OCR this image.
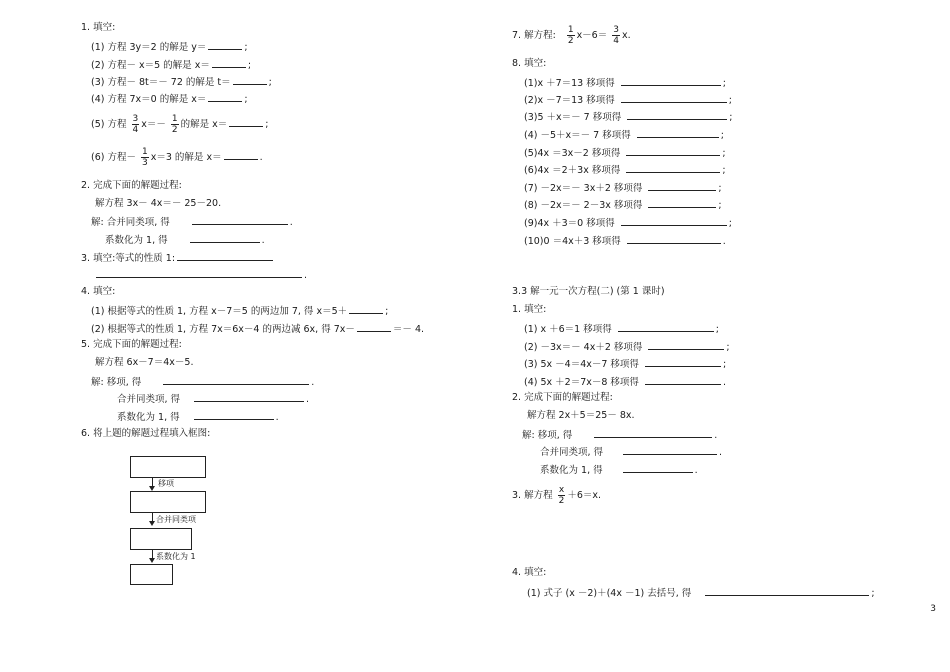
1. 填空:
(1) 方程 3y＝2 的解是 y＝	;
(2) 方程－ x＝5 的解是 x＝	;
(3) 方程－ 8t＝－ 72 的解是 t＝	;
(4) 方程 7x＝0 的解是 x＝	;
(5) 方程 $\frac{3}{4} x=- \frac{1}{2}$ 的解是 x＝	;
(6) 方程－ $\frac{1}{3} x=3$ 的解是 x＝	.
2. 完成下面的解题过程:
解方程 3x－ 4x＝－ 25－20.
解: 合并同类项, 得	.
系数化为 1, 得	.
3. 填空:等式的性质 1:
.
4. 填空:
(1) 根据等式的性质 1, 方程 x－7＝5 的两边加 7, 得 x＝5＋	;
(2) 根据等式的性质 1, 方程 7x＝6x－4 的两边减 6x, 得 7x－	＝－ 4.
5. 完成下面的解题过程:
解方程 6x－7＝4x－5.
解: 移项, 得	.
合并同类项, 得	.
系数化为 1, 得	.
6. 将上题的解题过程填入框图:
移项
合并同类项
系数化为 1
7. 解方程: $\frac{1}{2} x-6= \frac{3}{4} x$.
8. 填空:
(1)x ＋7＝13 移项得	;
(2)x －7＝13 移项得	;
(3)5 ＋x＝－ 7 移项得	;
(4) －5＋x＝－ 7 移项得	;
(5)4x ＝3x－2 移项得	;
(6)4x ＝2＋3x 移项得	;
(7) －2x＝－ 3x＋2 移项得	;
(8) －2x＝－ 2－3x 移项得	;
(9)4x ＋3＝0 移项得	;
(10)0 ＝4x＋3 移项得	.
3.3 解一元一次方程(二) (第 1 课时)
1. 填空:
(1) x ＋6＝1 移项得	;
(2) －3x＝－ 4x＋2 移项得	;
(3) 5x －4＝4x－7 移项得	;
(4) 5x ＋2＝7x－8 移项得	.
2. 完成下面的解题过程:
解方程 2x＋5＝25－ 8x.
解: 移项, 得	.
合并同类项, 得	.
系数化为 1, 得	.
3. 解方程 $\frac{x}{2} +6=x$.
4. 填空:
(1) 式子 (x －2)＋(4x －1) 去括号, 得	;
3
